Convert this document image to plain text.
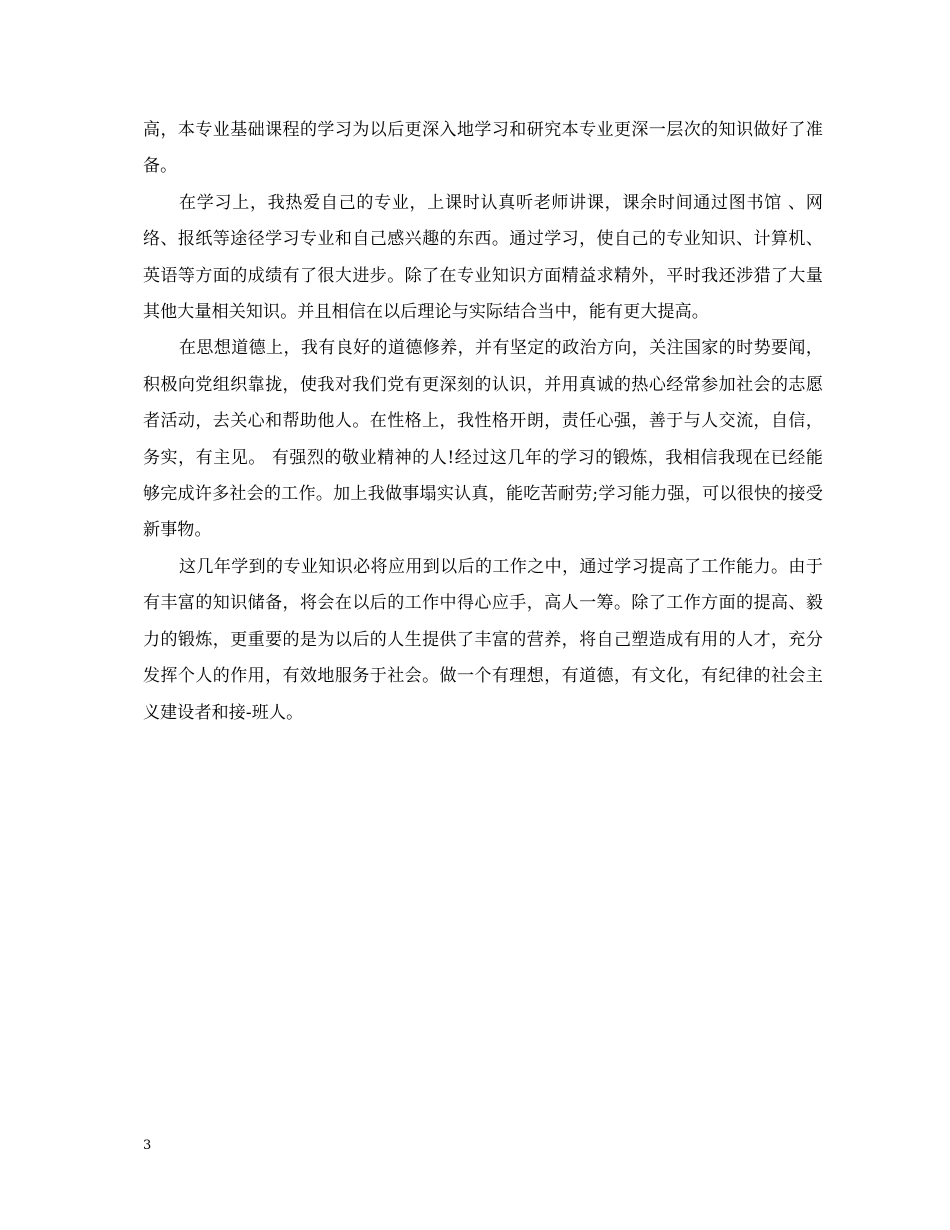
高，本专业基础课程的学习为以后更深入地学习和研究本专业更深一层次的知识做好了准备。

在学习上，我热爱自己的专业，上课时认真听老师讲课，课余时间通过图书馆 、网络、报纸等途径学习专业和自己感兴趣的东西。通过学习，使自己的专业知识、计算机、英语等方面的成绩有了很大进步。除了在专业知识方面精益求精外，平时我还涉猎了大量其他大量相关知识。并且相信在以后理论与实际结合当中，能有更大提高。

在思想道德上，我有良好的道德修养，并有坚定的政治方向，关注国家的时势要闻，积极向党组织靠拢，使我对我们党有更深刻的认识，并用真诚的热心经常参加社会的志愿者活动，去关心和帮助他人。在性格上，我性格开朗，责任心强，善于与人交流，自信，务实，有主见。 有强烈的敬业精神的人!经过这几年的学习的锻炼，我相信我现在已经能够完成许多社会的工作。加上我做事塌实认真，能吃苦耐劳;学习能力强，可以很快的接受新事物。

这几年学到的专业知识必将应用到以后的工作之中，通过学习提高了工作能力。由于有丰富的知识储备，将会在以后的工作中得心应手，高人一筹。除了工作方面的提高、毅力的锻炼，更重要的是为以后的人生提供了丰富的营养，将自己塑造成有用的人才，充分发挥个人的作用，有效地服务于社会。做一个有理想，有道德，有文化，有纪律的社会主义建设者和接-班人。

3
